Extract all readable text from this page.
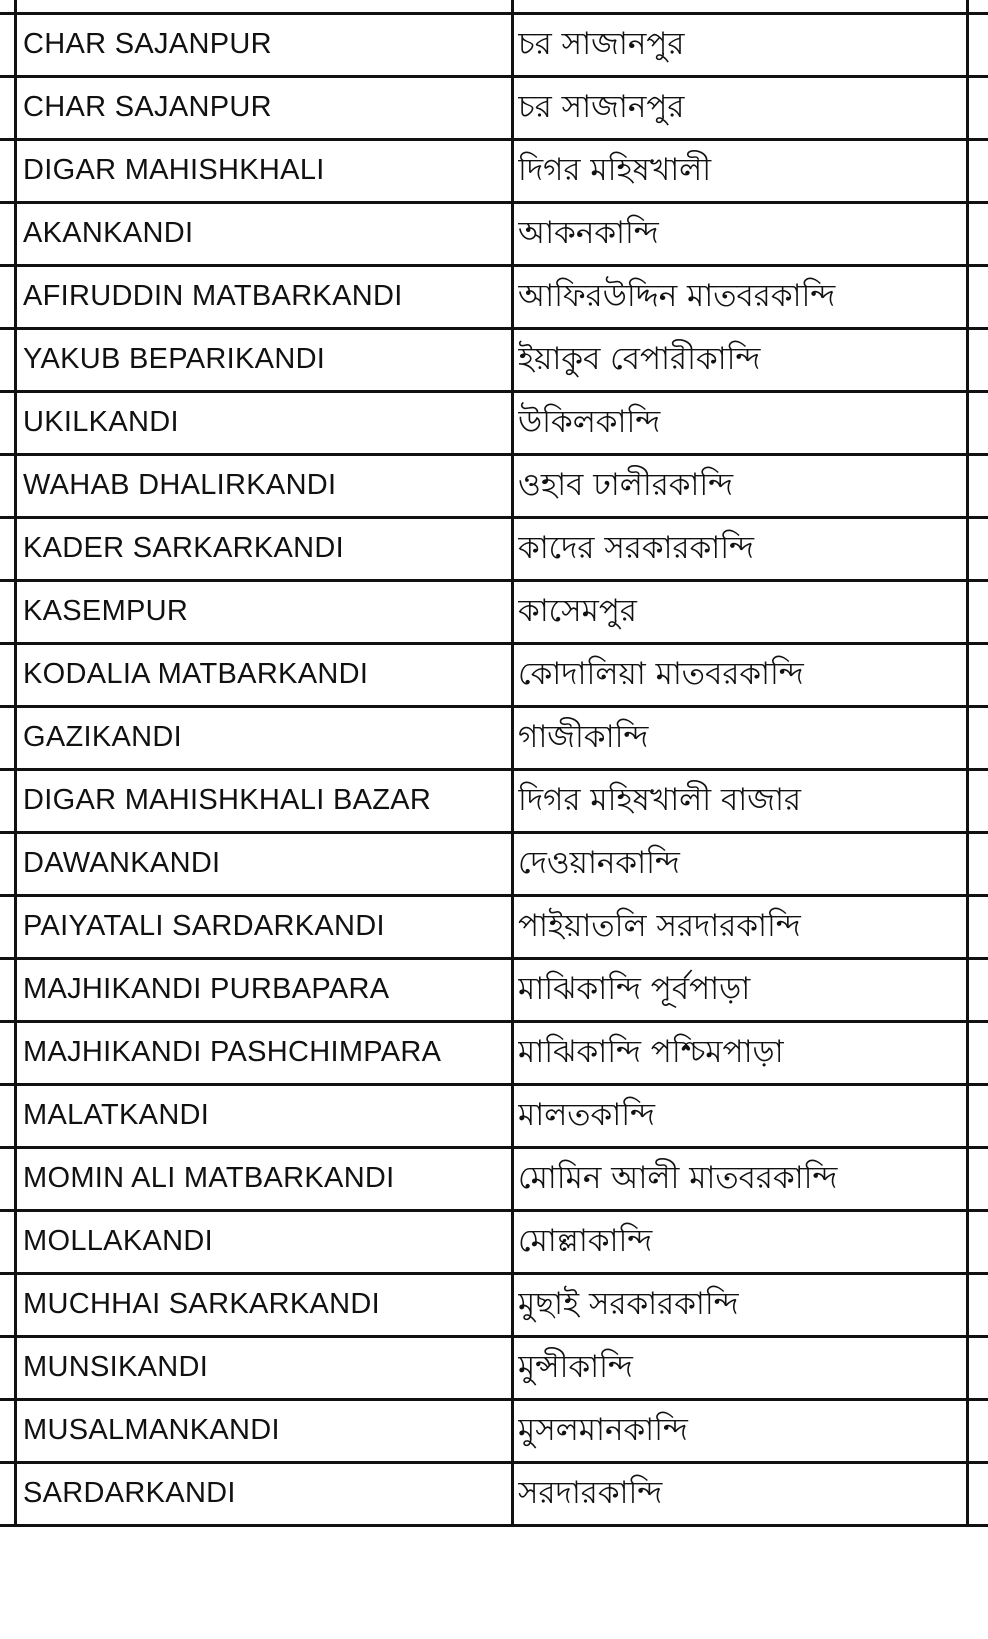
CHAR SAJANPUR	চর সাজানপুর
CHAR SAJANPUR	চর সাজানপুর
DIGAR MAHISHKHALI	দিগর মহিষখালী
AKANKANDI	আকনকান্দি
AFIRUDDIN MATBARKANDI	আফিরউদ্দিন মাতবরকান্দি
YAKUB BEPARIKANDI	ইয়াকুব বেপারীকান্দি
UKILKANDI	উকিলকান্দি
WAHAB DHALIRKANDI	ওহাব ঢালীরকান্দি
KADER SARKARKANDI	কাদের সরকারকান্দি
KASEMPUR	কাসেমপুর
KODALIA MATBARKANDI	কোদালিয়া মাতবরকান্দি
GAZIKANDI	গাজীকান্দি
DIGAR MAHISHKHALI BAZAR	দিগর মহিষখালী বাজার
DAWANKANDI	দেওয়ানকান্দি
PAIYATALI SARDARKANDI	পাইয়াতলি সরদারকান্দি
MAJHIKANDI PURBAPARA	মাঝিকান্দি পূর্বপাড়া
MAJHIKANDI PASHCHIMPARA	মাঝিকান্দি পশ্চিমপাড়া
MALATKANDI	মালতকান্দি
MOMIN ALI MATBARKANDI	মোমিন আলী মাতবরকান্দি
MOLLAKANDI	মোল্লাকান্দি
MUCHHAI SARKARKANDI	মুছাই সরকারকান্দি
MUNSIKANDI	মুন্সীকান্দি
MUSALMANKANDI	মুসলমানকান্দি
SARDARKANDI	সরদারকান্দি
